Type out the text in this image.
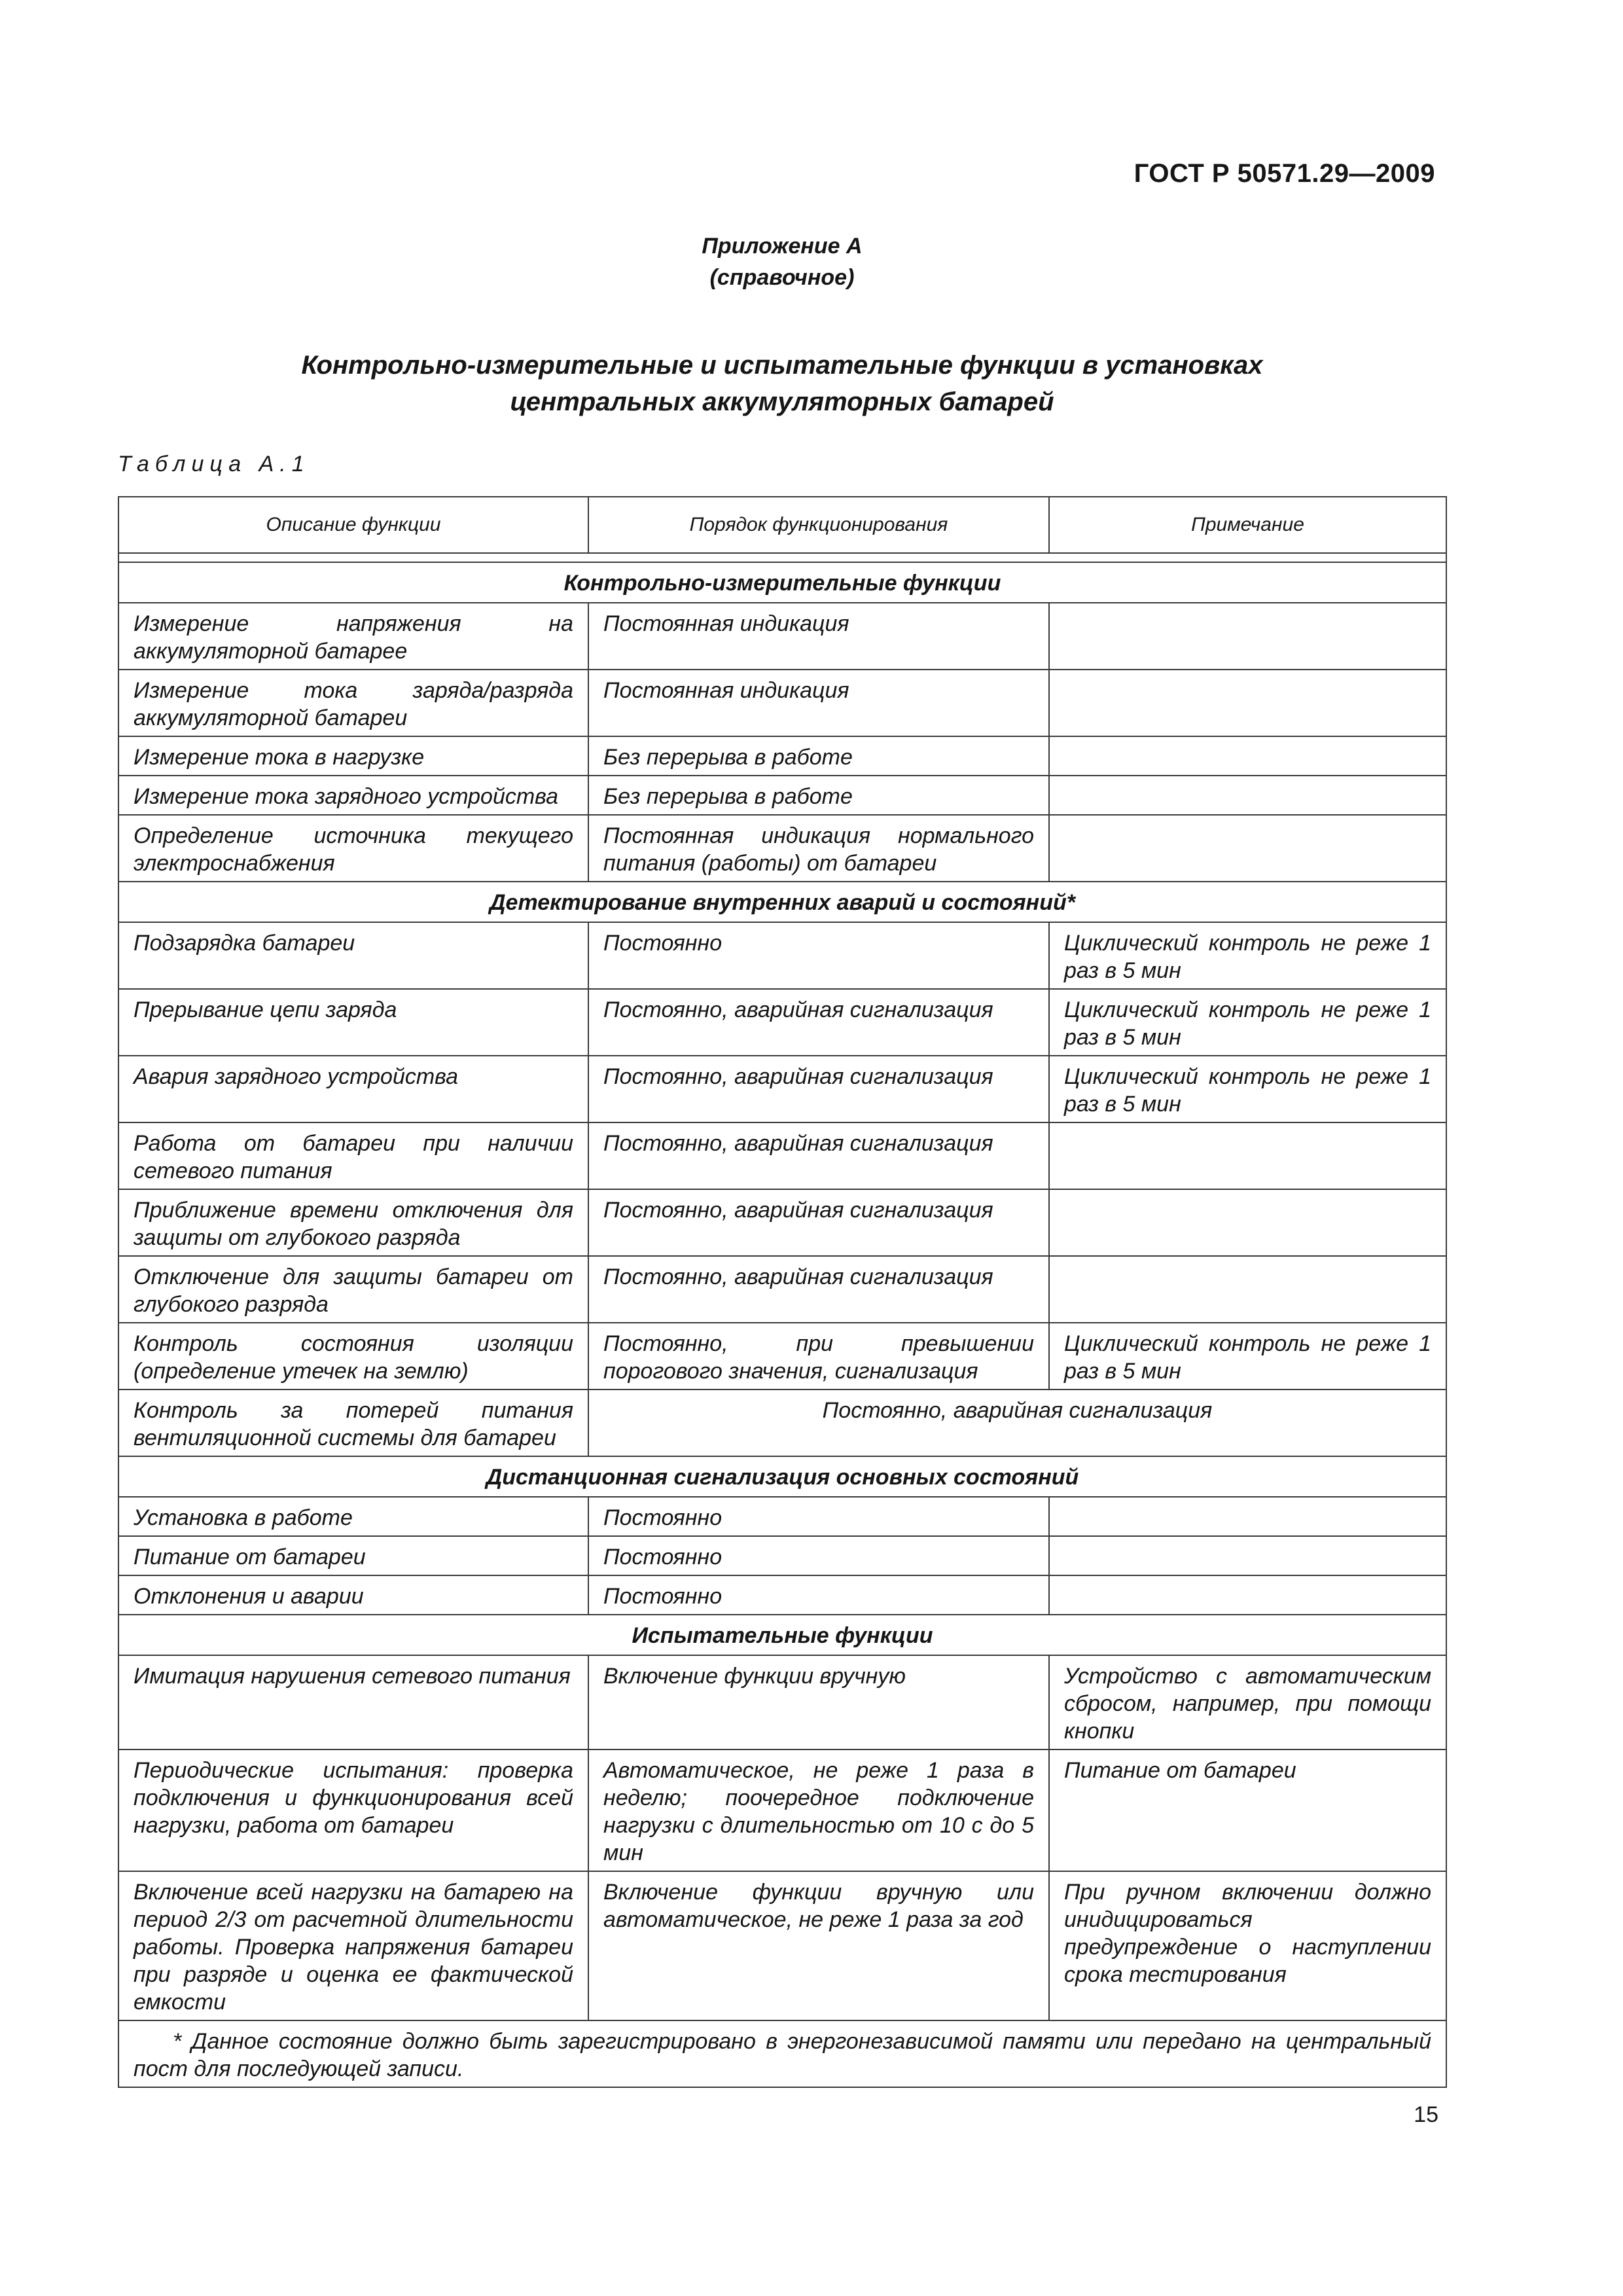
ГОСТ Р 50571.29—2009
Приложение А
(справочное)
Контрольно-измерительные и испытательные функции в установках
центральных аккумуляторных батарей
Таблица А.1
Описание функции	Порядок функционирования	Примечание

Контрольно-измерительные функции		
Измерение напряжения на аккумуляторной батарее	Постоянная индикация	
Измерение тока заряда/разряда аккумуляторной батареи	Постоянная индикация	
Измерение тока в нагрузке	Без перерыва в работе	
Измерение тока зарядного устройства	Без перерыва в работе	
Определение источника текущего электроснабжения	Постоянная индикация нормального питания (работы) от батареи	
Детектирование внутренних аварий и состояний*		
Подзарядка батареи	Постоянно	Циклический контроль не реже 1 раз в 5 мин
Прерывание цепи заряда	Постоянно, аварийная сигнализация	Циклический контроль не реже 1 раз в 5 мин
Авария зарядного устройства	Постоянно, аварийная сигнализация	Циклический контроль не реже 1 раз в 5 мин
Работа от батареи при наличии сетевого питания	Постоянно, аварийная сигнализация	
Приближение времени отключения для защиты от глубокого разряда	Постоянно, аварийная сигнализация	
Отключение для защиты батареи от глубокого разряда	Постоянно, аварийная сигнализация	
Контроль состояния изоляции (определение утечек на землю)	Постоянно, при превышении порогового значения, сигнализация	Циклический контроль не реже 1 раз в 5 мин
Контроль за потерей питания вентиляционной системы для батареи	Постоянно, аварийная сигнализация	
Дистанционная сигнализация основных состояний		
Установка в работе	Постоянно	
Питание от батареи	Постоянно	
Отклонения и аварии	Постоянно	
Испытательные функции		
Имитация нарушения сетевого питания	Включение функции вручную	Устройство с автоматическим сбросом, например, при помощи кнопки
Периодические испытания: проверка подключения и функционирования всей нагрузки, работа от батареи	Автоматическое, не реже 1 раза в неделю; поочередное подключение нагрузки с длительностью от 10 с до 5 мин	Питание от батареи
Включение всей нагрузки на батарею на период 2/3 от расчетной длительности работы. Проверка напряжения батареи при разряде и оценка ее фактической емкости	Включение функции вручную или автоматическое, не реже 1 раза за год	При ручном включении должно инидицироваться предупреждение о наступлении срока тестирования
* Данное состояние должно быть зарегистрировано в энергонезависимой памяти или передано на центральный пост для последующей записи.		
15
